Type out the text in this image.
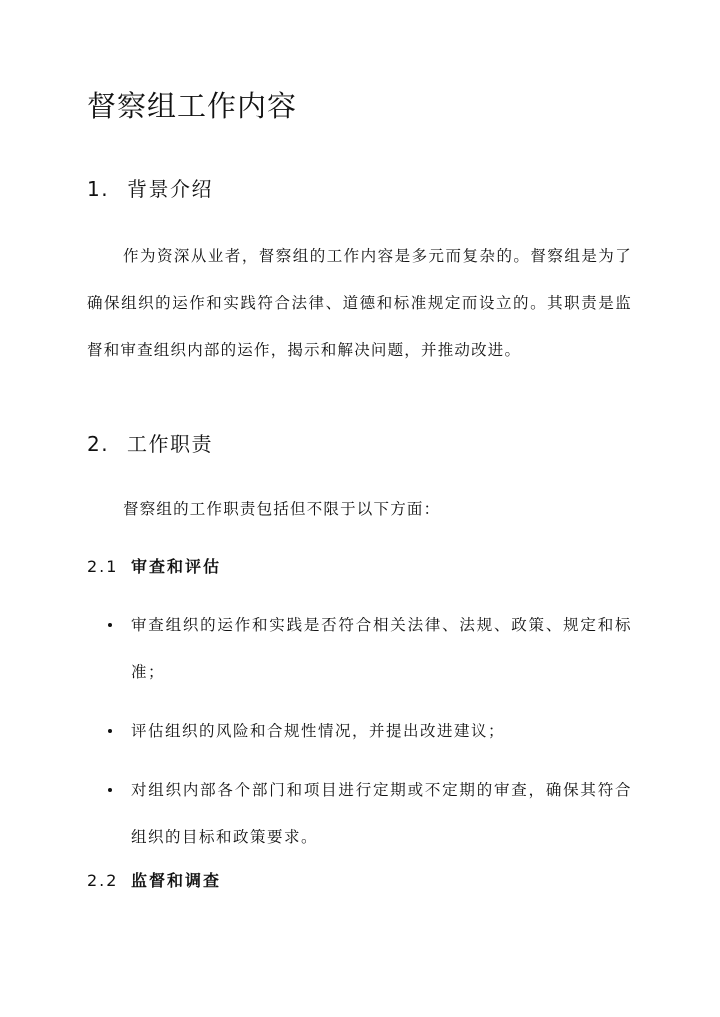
督察组工作内容
1. 背景介绍

作为资深从业者，督察组的工作内容是多元而复杂的。督察组是为了确保组织的运作和实践符合法律、道德和标准规定而设立的。其职责是监督和审查组织内部的运作，揭示和解决问题，并推动改进。

2. 工作职责

督察组的工作职责包括但不限于以下方面：

2.1 审查和评估
审查组织的运作和实践是否符合相关法律、法规、政策、规定和标准；
评估组织的风险和合规性情况，并提出改进建议；
对组织内部各个部门和项目进行定期或不定期的审查，确保其符合组织的目标和政策要求。
2.2 监督和调查
